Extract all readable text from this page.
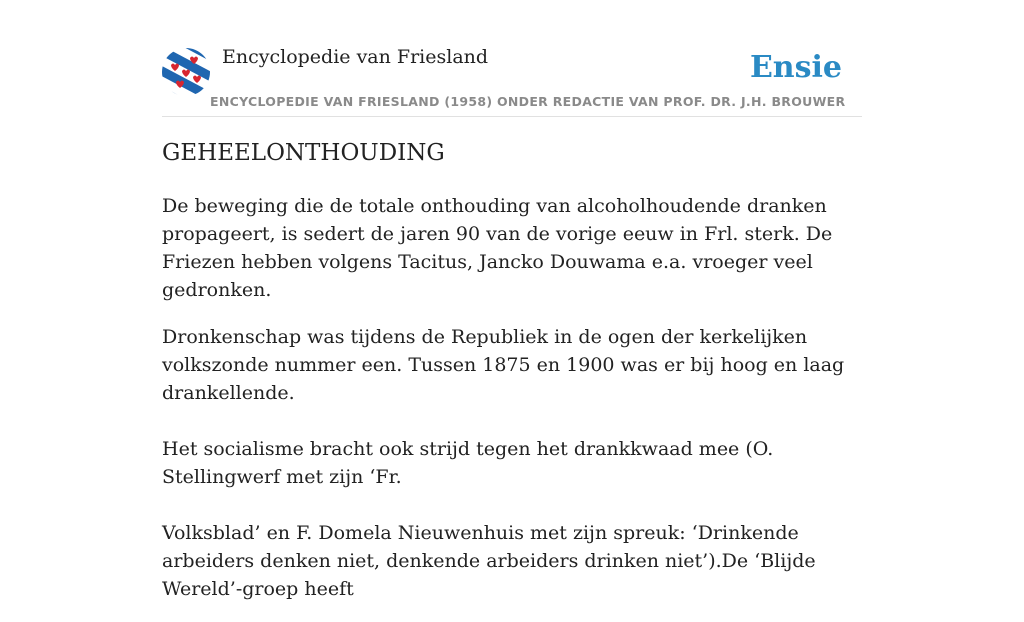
Encyclopedie van Friesland	Ensie
ENCYCLOPEDIE VAN FRIESLAND (1958) ONDER REDACTIE VAN PROF. DR. J.H. BROUWER
GEHEELONTHOUDING

De beweging die de totale onthouding van alcoholhoudende dranken propageert, is sedert de jaren 90 van de vorige eeuw in Frl. sterk. De Friezen hebben volgens Tacitus, Jancko Douwama e.a. vroeger veel gedronken.

Dronkenschap was tijdens de Republiek in de ogen der kerkelijken volkszonde nummer een. Tussen 1875 en 1900 was er bij hoog en laag drankellende.

Het socialisme bracht ook strijd tegen het drankkwaad mee (O. Stellingwerf met zijn ‘Fr.

Volksblad’ en F. Domela Nieuwenhuis met zijn spreuk: ‘Drinkende arbeiders denken niet, denkende arbeiders drinken niet’).De ‘Blijde Wereld’-groep heeft
